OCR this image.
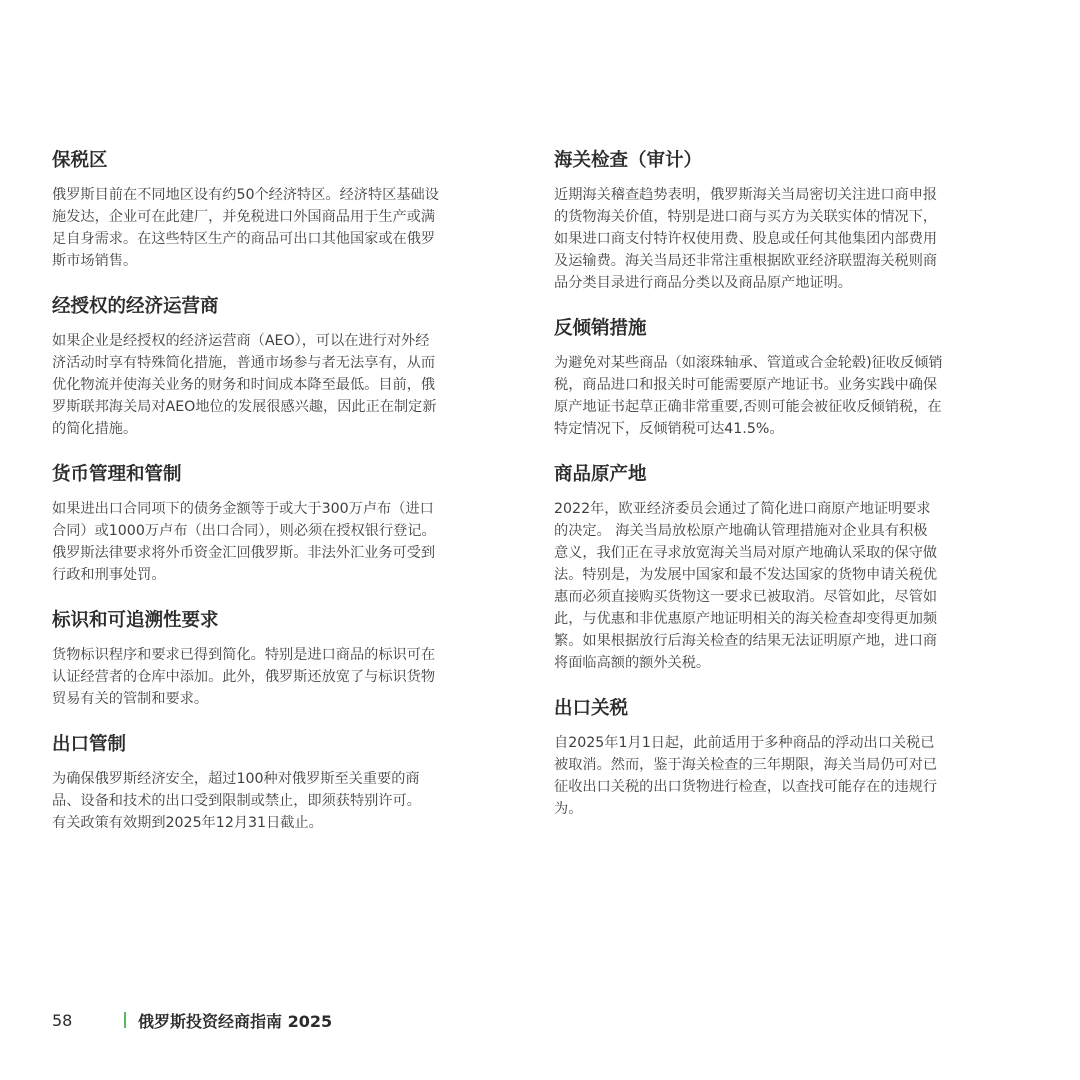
保税区

俄罗斯目前在不同地区设有约50个经济特区。经济特区基础设
施发达，企业可在此建厂，并免税进口外国商品用于生产或满
足自身需求。在这些特区生产的商品可出口其他国家或在俄罗
斯市场销售。

经授权的经济运营商

如果企业是经授权的经济运营商（AEO），可以在进行对外经
济活动时享有特殊简化措施，普通市场参与者无法享有，从而
优化物流并使海关业务的财务和时间成本降至最低。目前，俄
罗斯联邦海关局对AEO地位的发展很感兴趣，因此正在制定新
的简化措施。

货币管理和管制

如果进出口合同项下的债务金额等于或大于300万卢布（进口
合同）或1000万卢布（出口合同），则必须在授权银行登记。
俄罗斯法律要求将外币资金汇回俄罗斯。非法外汇业务可受到
行政和刑事处罚。

标识和可追溯性要求

货物标识程序和要求已得到简化。特别是进口商品的标识可在
认证经营者的仓库中添加。此外，俄罗斯还放宽了与标识货物
贸易有关的管制和要求。

出口管制

为确保俄罗斯经济安全，超过100种对俄罗斯至关重要的商
品、设备和技术的出口受到限制或禁止，即须获特别许可。
有关政策有效期到2025年12月31日截止。

海关检查（审计）

近期海关稽查趋势表明，俄罗斯海关当局密切关注进口商申报
的货物海关价值，特别是进口商与买方为关联实体的情况下，
如果进口商支付特许权使用费、股息或任何其他集团内部费用
及运输费。海关当局还非常注重根据欧亚经济联盟海关税则商
品分类目录进行商品分类以及商品原产地证明。

反倾销措施

为避免对某些商品（如滚珠轴承、管道或合金轮毂)征收反倾销
税，商品进口和报关时可能需要原产地证书。业务实践中确保
原产地证书起草正确非常重要,否则可能会被征收反倾销税，在
特定情况下，反倾销税可达41.5%。

商品原产地

2022年，欧亚经济委员会通过了简化进口商原产地证明要求
的决定。 海关当局放松原产地确认管理措施对企业具有积极
意义，我们正在寻求放宽海关当局对原产地确认采取的保守做
法。特别是，为发展中国家和最不发达国家的货物申请关税优
惠而必须直接购买货物这一要求已被取消。尽管如此，尽管如
此，与优惠和非优惠原产地证明相关的海关检查却变得更加频
繁。如果根据放行后海关检查的结果无法证明原产地，进口商
将面临高额的额外关税。

出口关税

自2025年1月1日起，此前适用于多种商品的浮动出口关税已
被取消。然而，鉴于海关检查的三年期限，海关当局仍可对已
征收出口关税的出口货物进行检查，以查找可能存在的违规行
为。

58	俄罗斯投资经商指南 2025
